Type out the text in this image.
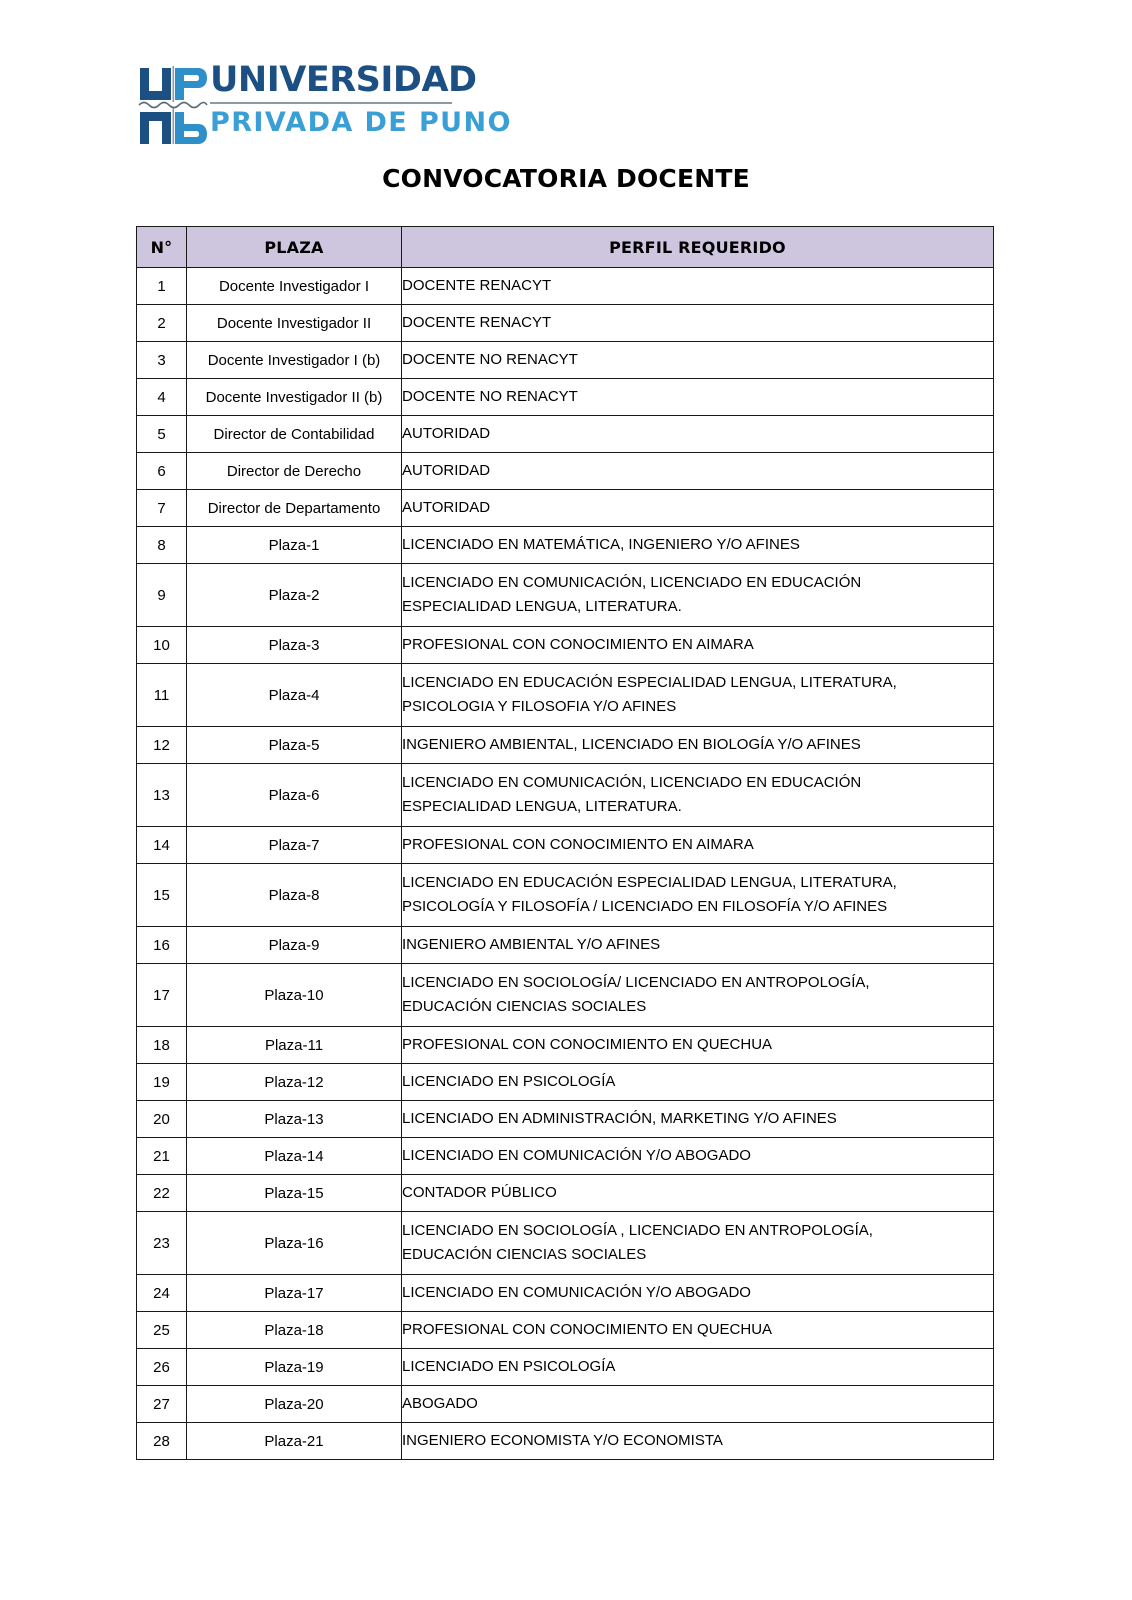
UNIVERSIDAD
PRIVADA DE PUNO
CONVOCATORIA DOCENTE
N°	PLAZA	PERFIL REQUERIDO
1	Docente Investigador I	DOCENTE RENACYT

2	Docente Investigador II	DOCENTE RENACYT

3	Docente Investigador I (b)	DOCENTE NO RENACYT

4	Docente Investigador II (b)	DOCENTE NO RENACYT

5	Director de Contabilidad	AUTORIDAD

6	Director de Derecho	AUTORIDAD

7	Director de Departamento	AUTORIDAD

8	Plaza-1	LICENCIADO EN MATEMÁTICA, INGENIERO Y/O AFINES

9	Plaza-2	LICENCIADO EN COMUNICACIÓN, LICENCIADO EN EDUCACIÓN
ESPECIALIDAD LENGUA, LITERATURA.

10	Plaza-3	PROFESIONAL CON CONOCIMIENTO EN AIMARA

11	Plaza-4	LICENCIADO EN EDUCACIÓN ESPECIALIDAD LENGUA, LITERATURA,
PSICOLOGIA Y FILOSOFIA Y/O AFINES

12	Plaza-5	INGENIERO AMBIENTAL, LICENCIADO EN BIOLOGÍA Y/O AFINES

13	Plaza-6	LICENCIADO EN COMUNICACIÓN, LICENCIADO EN EDUCACIÓN
ESPECIALIDAD LENGUA, LITERATURA.

14	Plaza-7	PROFESIONAL CON CONOCIMIENTO EN AIMARA

15	Plaza-8	LICENCIADO EN EDUCACIÓN ESPECIALIDAD LENGUA, LITERATURA,
PSICOLOGÍA Y FILOSOFÍA / LICENCIADO EN FILOSOFÍA Y/O AFINES

16	Plaza-9	INGENIERO AMBIENTAL Y/O AFINES

17	Plaza-10	LICENCIADO EN SOCIOLOGÍA/ LICENCIADO EN ANTROPOLOGÍA,
EDUCACIÓN CIENCIAS SOCIALES

18	Plaza-11	PROFESIONAL CON CONOCIMIENTO EN QUECHUA

19	Plaza-12	LICENCIADO EN PSICOLOGÍA

20	Plaza-13	LICENCIADO EN ADMINISTRACIÓN, MARKETING Y/O AFINES

21	Plaza-14	LICENCIADO EN COMUNICACIÓN Y/O ABOGADO

22	Plaza-15	CONTADOR PÚBLICO

23	Plaza-16	LICENCIADO EN SOCIOLOGÍA , LICENCIADO EN ANTROPOLOGÍA,
EDUCACIÓN CIENCIAS SOCIALES

24	Plaza-17	LICENCIADO EN COMUNICACIÓN Y/O ABOGADO

25	Plaza-18	PROFESIONAL CON CONOCIMIENTO EN QUECHUA

26	Plaza-19	LICENCIADO EN PSICOLOGÍA

27	Plaza-20	ABOGADO

28	Plaza-21	INGENIERO ECONOMISTA Y/O ECONOMISTA
